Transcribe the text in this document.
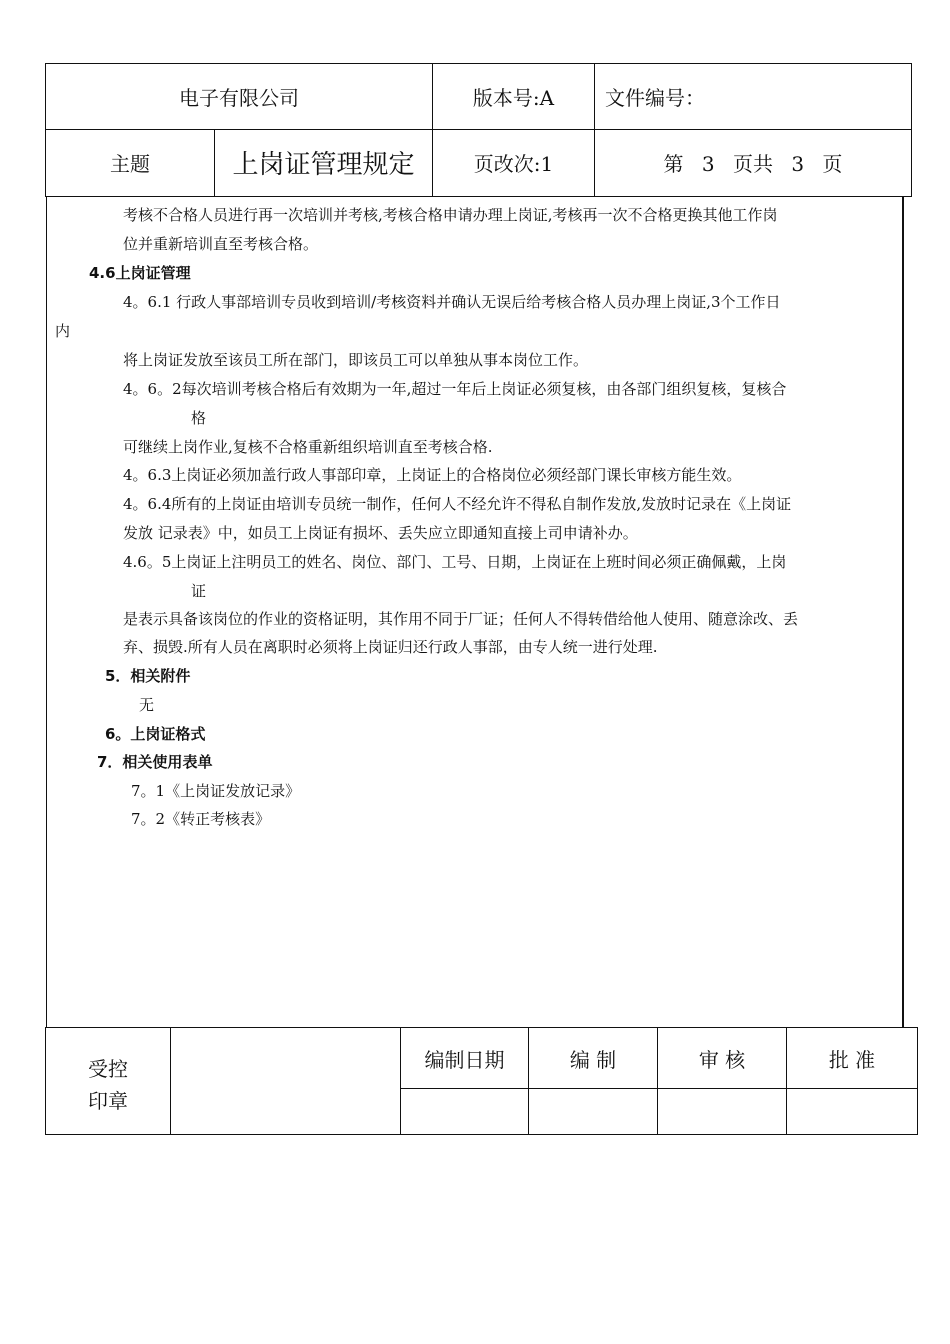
电子有限公司	版本号:A	文件编号：
主题	上岗证管理规定	页改次:1	第 3 页共 3 页
考核不合格人员进行再一次培训并考核,考核合格申请办理上岗证,考核再一次不合格更换其他工作岗
位并重新培训直至考核合格。
4.6上岗证管理
4。6.1 行政人事部培训专员收到培训/考核资料并确认无误后给考核合格人员办理上岗证,3个工作日
内
将上岗证发放至该员工所在部门，即该员工可以单独从事本岗位工作。
4。6。2每次培训考核合格后有效期为一年,超过一年后上岗证必须复核，由各部门组织复核，复核合
格
可继续上岗作业,复核不合格重新组织培训直至考核合格.
4。6.3上岗证必须加盖行政人事部印章，上岗证上的合格岗位必须经部门课长审核方能生效。
4。6.4所有的上岗证由培训专员统一制作，任何人不经允许不得私自制作发放,发放时记录在《上岗证
发放 记录表》中，如员工上岗证有损坏、丢失应立即通知直接上司申请补办。
4.6。5上岗证上注明员工的姓名、岗位、部门、工号、日期，上岗证在上班时间必须正确佩戴，上岗
证
是表示具备该岗位的作业的资格证明，其作用不同于厂证；任何人不得转借给他人使用、随意涂改、丢
弃、损毁.所有人员在离职时必须将上岗证归还行政人事部，由专人统一进行处理.
5．相关附件
无
6。上岗证格式
7．相关使用表单
7。1《上岗证发放记录》
7。2《转正考核表》
受控
印章
编制日期	编 制	审 核	批 准
